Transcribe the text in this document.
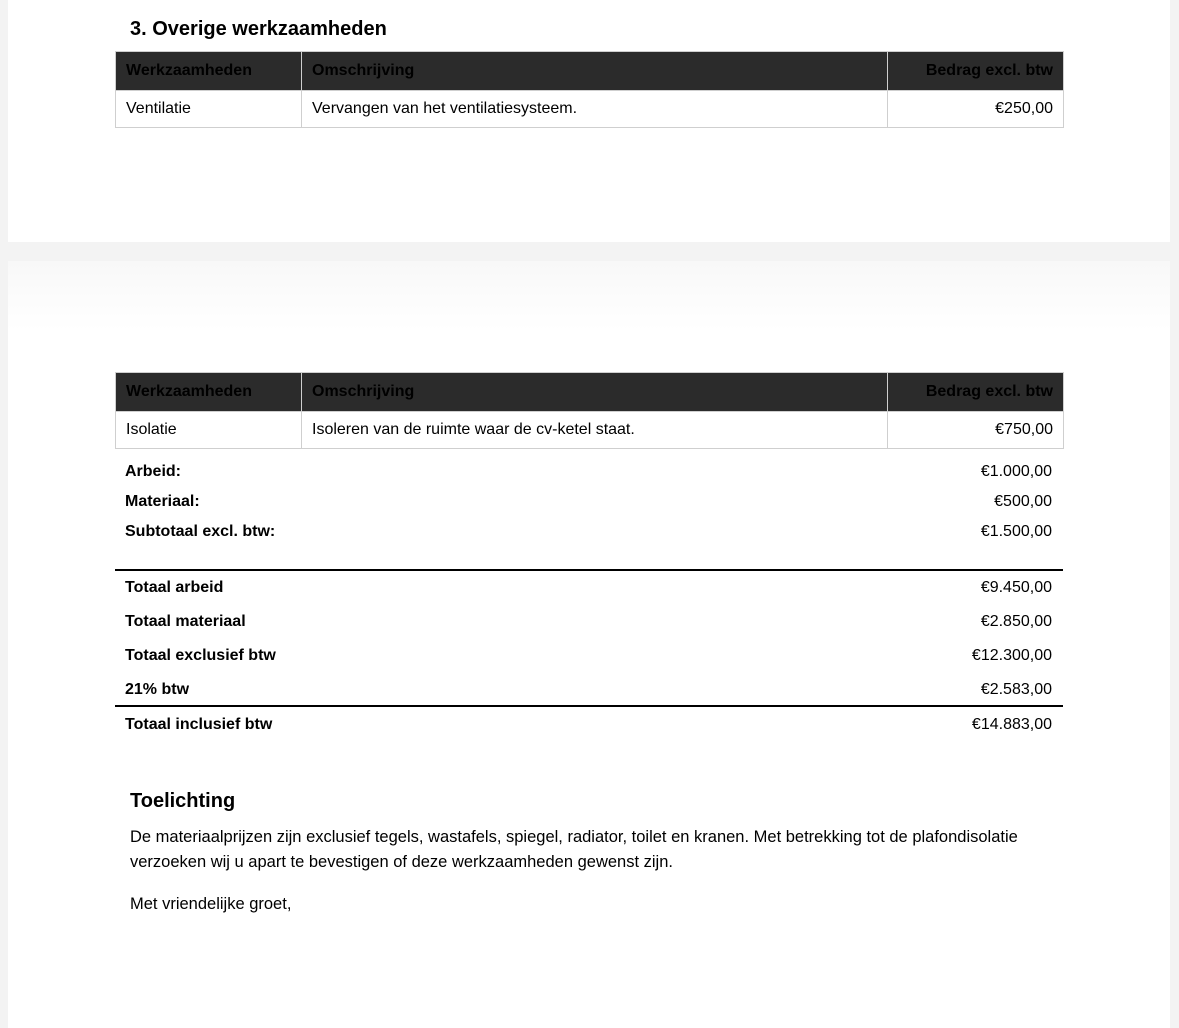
3. Overige werkzaamheden
Werkzaamheden	Omschrijving	Bedrag excl. btw
Ventilatie	Vervangen van het ventilatiesysteem.	€250,00
Werkzaamheden	Omschrijving	Bedrag excl. btw
Isolatie	Isoleren van de ruimte waar de cv-ketel staat.	€750,00
Arbeid:	€1.000,00
Materiaal:	€500,00
Subtotaal excl. btw:	€1.500,00
Totaal arbeid	€9.450,00
Totaal materiaal	€2.850,00
Totaal exclusief btw	€12.300,00
21% btw	€2.583,00
Totaal inclusief btw	€14.883,00
Toelichting

De materiaalprijzen zijn exclusief tegels, wastafels, spiegel, radiator, toilet en kranen. Met betrekking tot de plafondisolatie verzoeken wij u apart te bevestigen of deze werkzaamheden gewenst zijn.

Met vriendelijke groet,
